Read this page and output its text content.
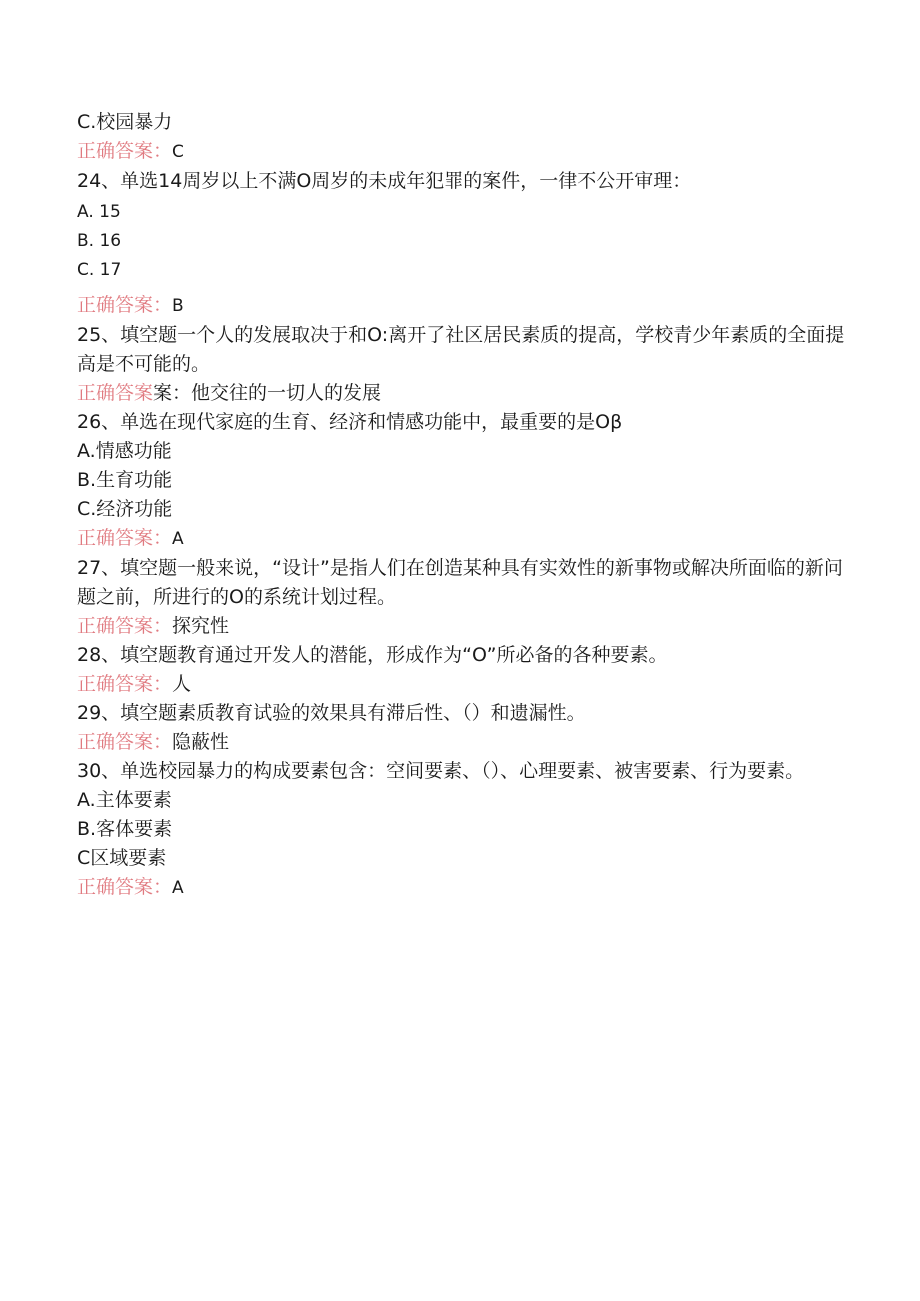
C.校园暴力
正确答案：C
24、单选14周岁以上不满O周岁的未成年犯罪的案件，一律不公开审理：
A. 15
B. 16
C. 17
正确答案：B
25、填空题一个人的发展取决于和O:离开了社区居民素质的提高，学校青少年素质的全面提高是不可能的。
正确答案案：他交往的一切人的发展
26、单选在现代家庭的生育、经济和情感功能中，最重要的是Oβ
A.情感功能
B.生育功能
C.经济功能
正确答案：A
27、填空题一般来说，“设计”是指人们在创造某种具有实效性的新事物或解决所面临的新问题之前，所进行的O的系统计划过程。
正确答案：探究性
28、填空题教育通过开发人的潜能，形成作为“O”所必备的各种要素。
正确答案：人
29、填空题素质教育试验的效果具有滞后性、（）和遗漏性。
正确答案：隐蔽性
30、单选校园暴力的构成要素包含：空间要素、（）、心理要素、被害要素、行为要素。
A.主体要素
B.客体要素
C区域要素
正确答案：A
